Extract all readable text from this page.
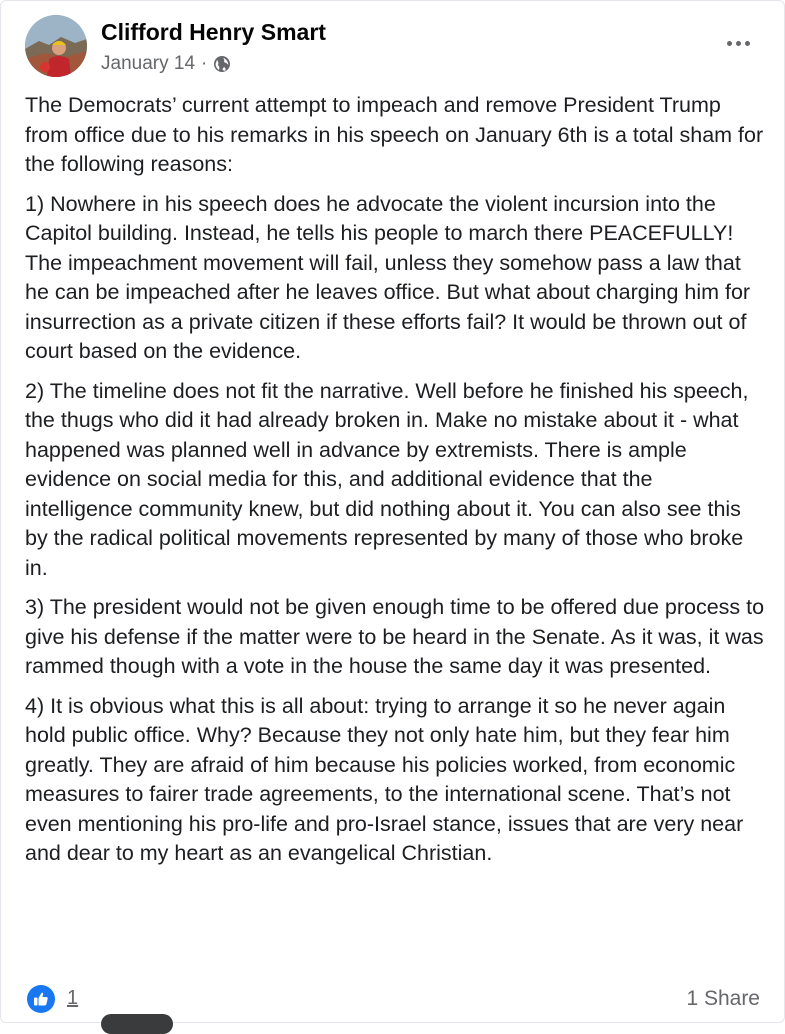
Clifford Henry Smart
January 14 ·

The Democrats’ current attempt to impeach and remove President Trump from office due to his remarks in his speech on January 6th is a total sham for the following reasons:

1) Nowhere in his speech does he advocate the violent incursion into the Capitol building. Instead, he tells his people to march there PEACEFULLY! The impeachment movement will fail, unless they somehow pass a law that he can be impeached after he leaves office. But what about charging him for insurrection as a private citizen if these efforts fail? It would be thrown out of court based on the evidence.

2) The timeline does not fit the narrative. Well before he finished his speech, the thugs who did it had already broken in. Make no mistake about it - what happened was planned well in advance by extremists. There is ample evidence on social media for this, and additional evidence that the intelligence community knew, but did nothing about it. You can also see this by the radical political movements represented by many of those who broke in.

3) The president would not be given enough time to be offered due process to give his defense if the matter were to be heard in the Senate. As it was, it was rammed though with a vote in the house the same day it was presented.

4) It is obvious what this is all about: trying to arrange it so he never again hold public office. Why? Because they not only hate him, but they fear him greatly. They are afraid of him because his policies worked, from economic measures to fairer trade agreements, to the international scene. That’s not even mentioning his pro-life and pro-Israel stance, issues that are very near and dear to my heart as an evangelical Christian.

1	1 Share
